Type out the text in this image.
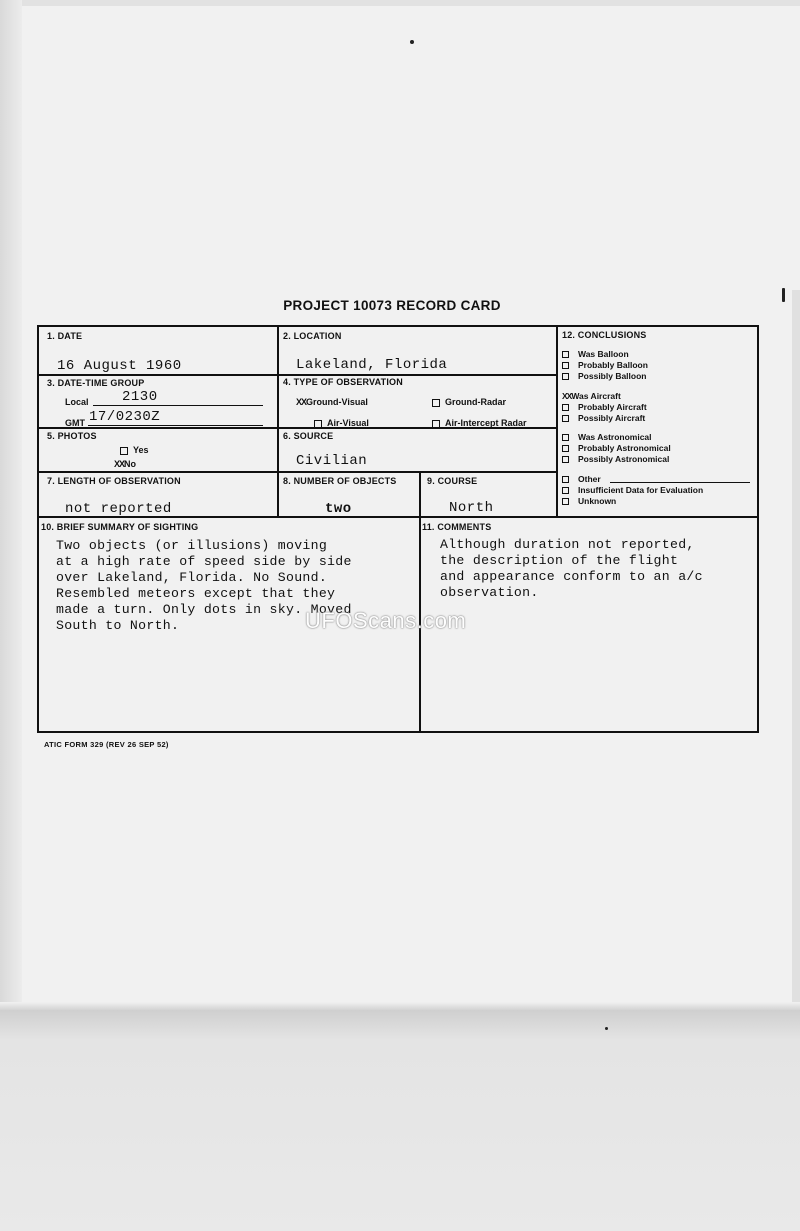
PROJECT 10073 RECORD CARD
1. DATE
16 August 1960
2. LOCATION
Lakeland, Florida
3. DATE-TIME GROUP
Local 2130
GMT 17/0230Z
4. TYPE OF OBSERVATION
XXGround-Visual	Ground-Radar
Air-Visual	Air-Intercept Radar
5. PHOTOS
Yes
XXNo
6. SOURCE
Civilian
7. LENGTH OF OBSERVATION
not reported
8. NUMBER OF OBJECTS
two
9. COURSE
North
12. CONCLUSIONS
Was Balloon
Probably Balloon
Possibly Balloon
XXWas Aircraft
Probably Aircraft
Possibly Aircraft
Was Astronomical
Probably Astronomical
Possibly Astronomical
Other
Insufficient Data for Evaluation
Unknown
10. BRIEF SUMMARY OF SIGHTING
Two objects (or illusions) moving
at a high rate of speed side by side
over Lakeland, Florida. No Sound.
Resembled meteors except that they
made a turn. Only dots in sky. Moved
South to North.
11. COMMENTS
Although duration not reported,
the description of the flight
and appearance conform to an a/c
observation.
UFOScans.com
ATIC FORM 329 (REV 26 SEP 52)
